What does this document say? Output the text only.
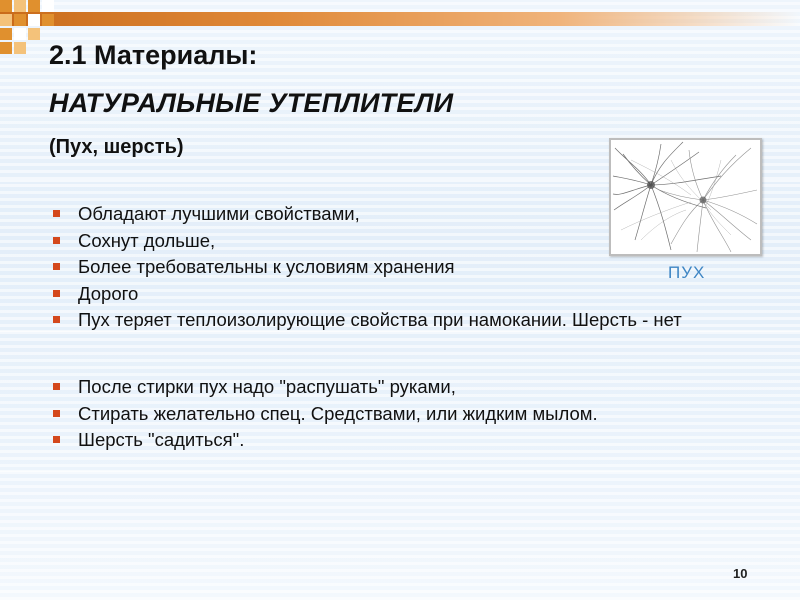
2.1 Материалы:
НАТУРАЛЬНЫЕ УТЕПЛИТЕЛИ
(Пух, шерсть)
Обладают лучшими свойствами,
Сохнут дольше,
Более требовательны к условиям хранения
Дорого
Пух теряет теплоизолирующие свойства при намокании. Шерсть - нет
После стирки пух надо "распушать" руками,
Стирать желательно спец. Средствами, или жидким мылом.
Шерсть "садиться".
ПУХ
10
